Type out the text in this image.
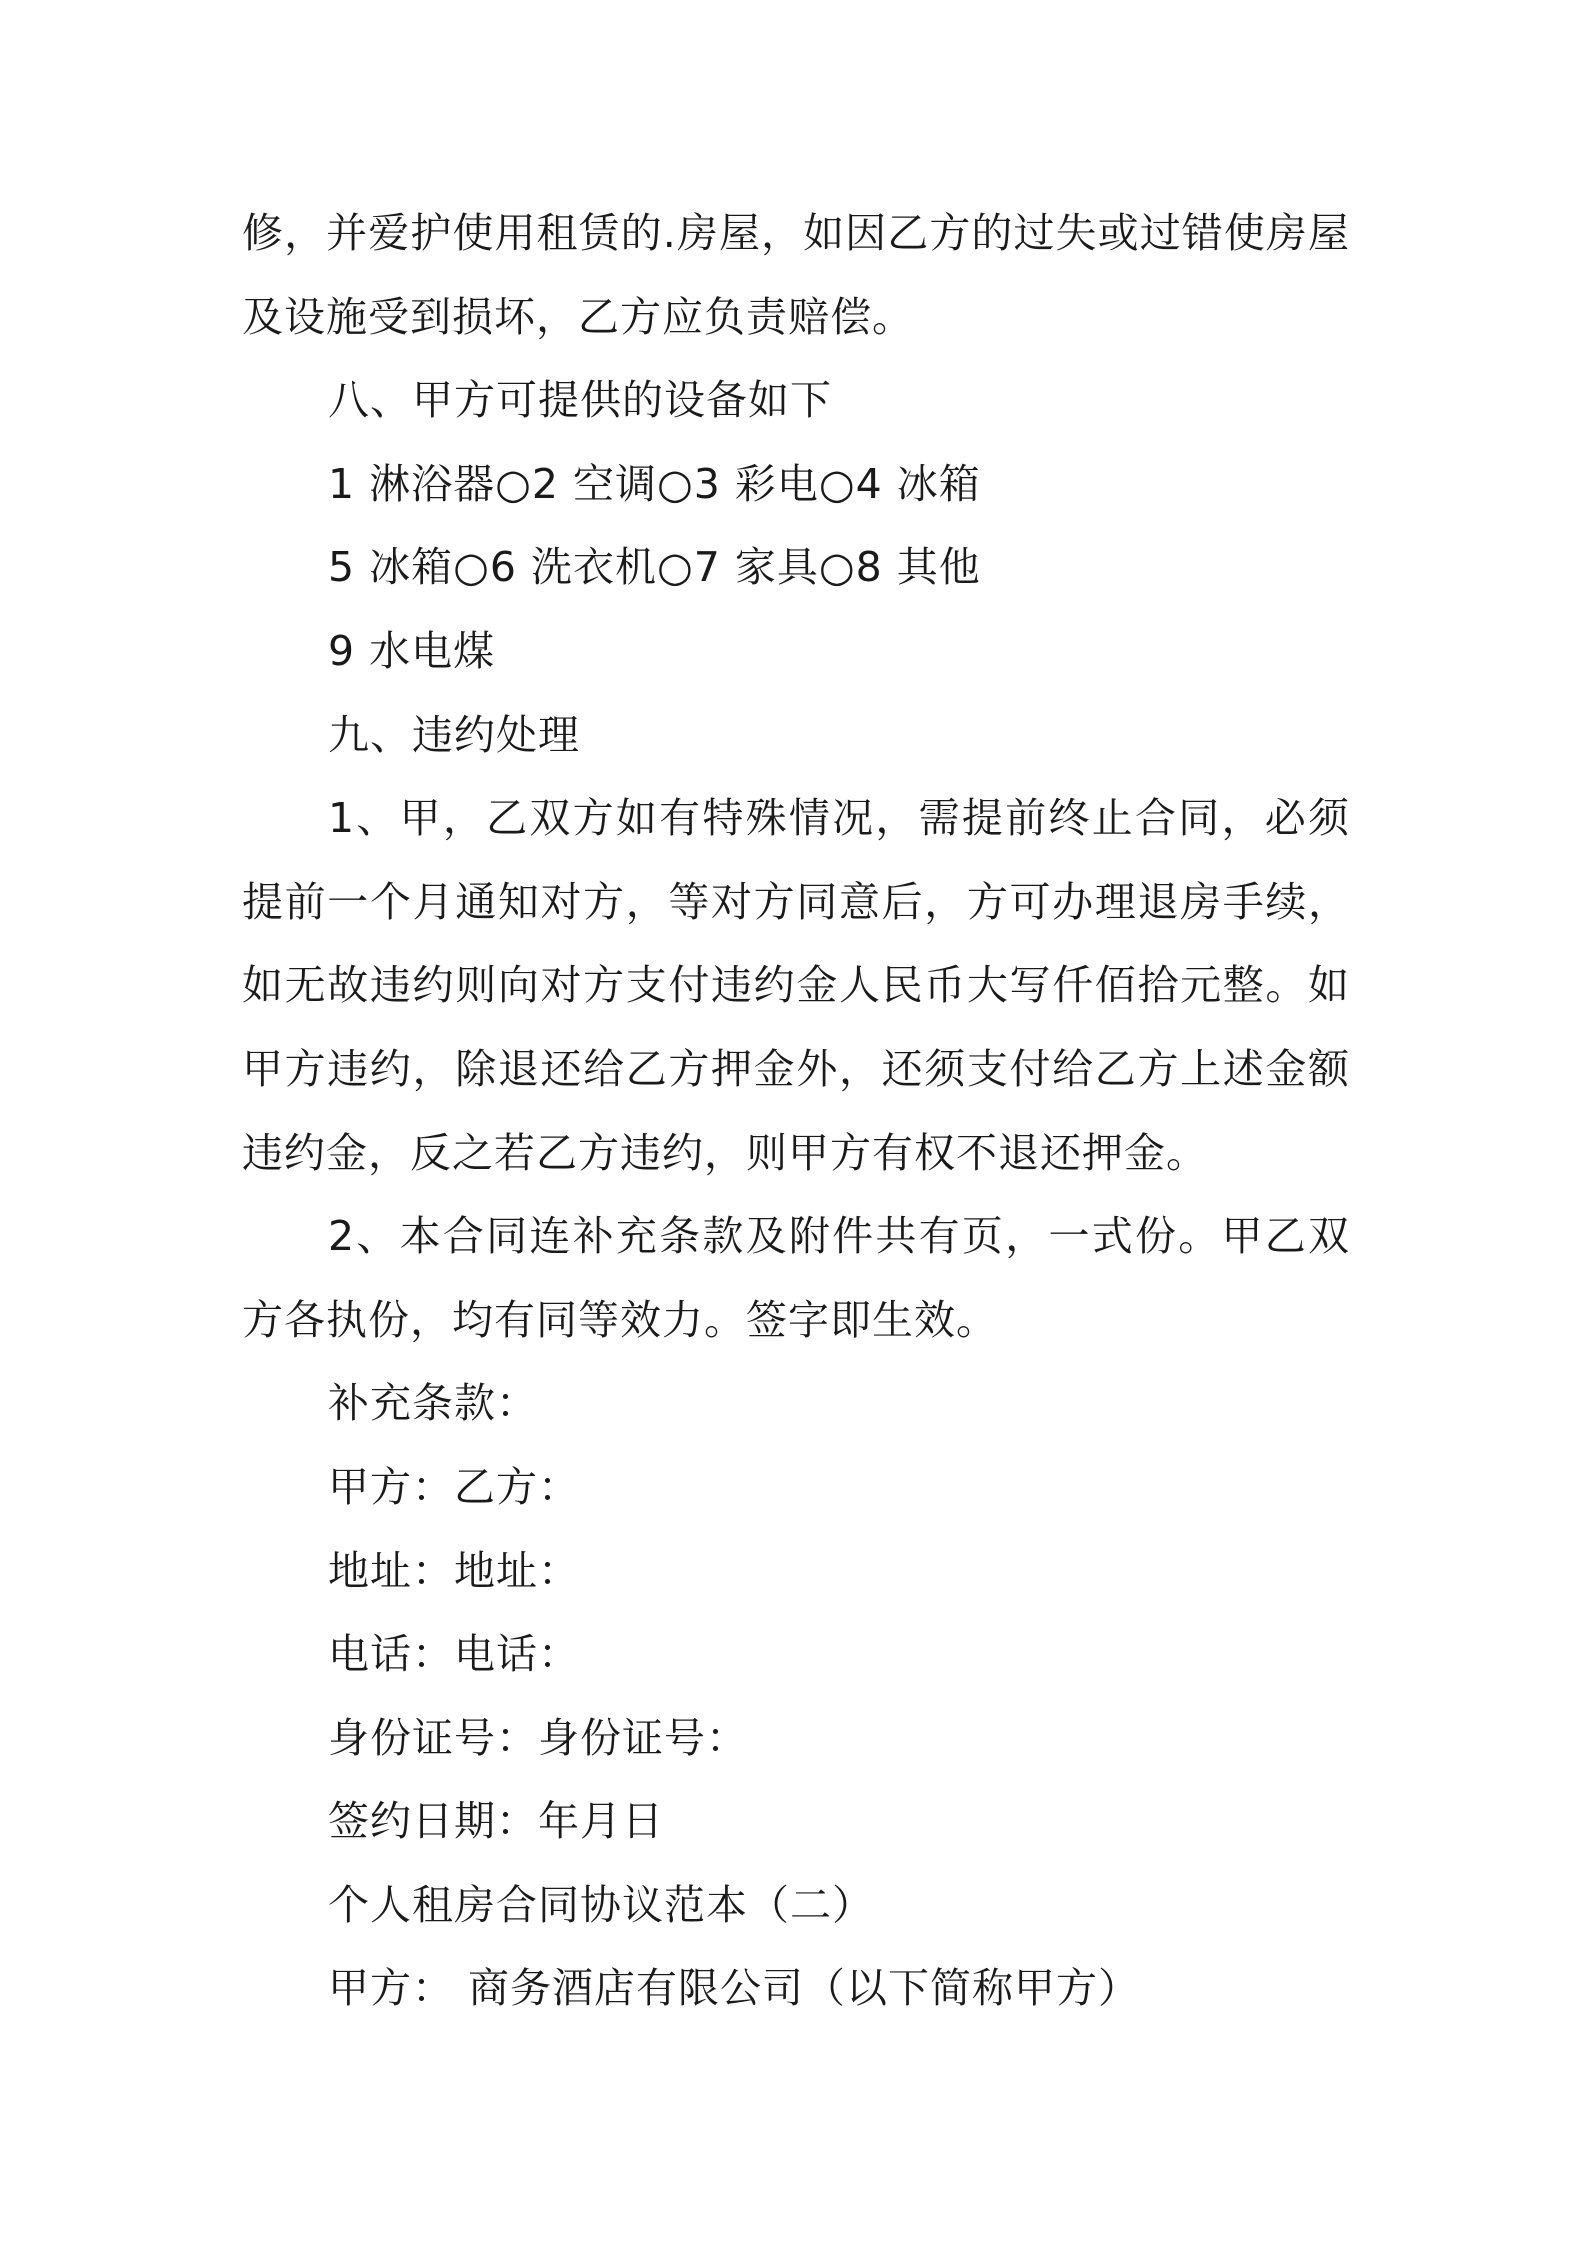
修，并爱护使用租赁的.房屋，如因乙方的过失或过错使房屋
及设施受到损坏，乙方应负责赔偿。
八、甲方可提供的设备如下
1 淋浴器○2 空调○3 彩电○4 冰箱
5 冰箱○6 洗衣机○7 家具○8 其他
9 水电煤
九、违约处理
1、甲，乙双方如有特殊情况，需提前终止合同，必须
提前一个月通知对方，等对方同意后，方可办理退房手续，
如无故违约则向对方支付违约金人民币大写仟佰拾元整。如
甲方违约，除退还给乙方押金外，还须支付给乙方上述金额
违约金，反之若乙方违约，则甲方有权不退还押金。
2、本合同连补充条款及附件共有页，一式份。甲乙双
方各执份，均有同等效力。签字即生效。
补充条款：
甲方：乙方：
地址：地址：
电话：电话：
身份证号：身份证号：
签约日期：年月日
个人租房合同协议范本（二）
甲方： 商务酒店有限公司（以下简称甲方）
